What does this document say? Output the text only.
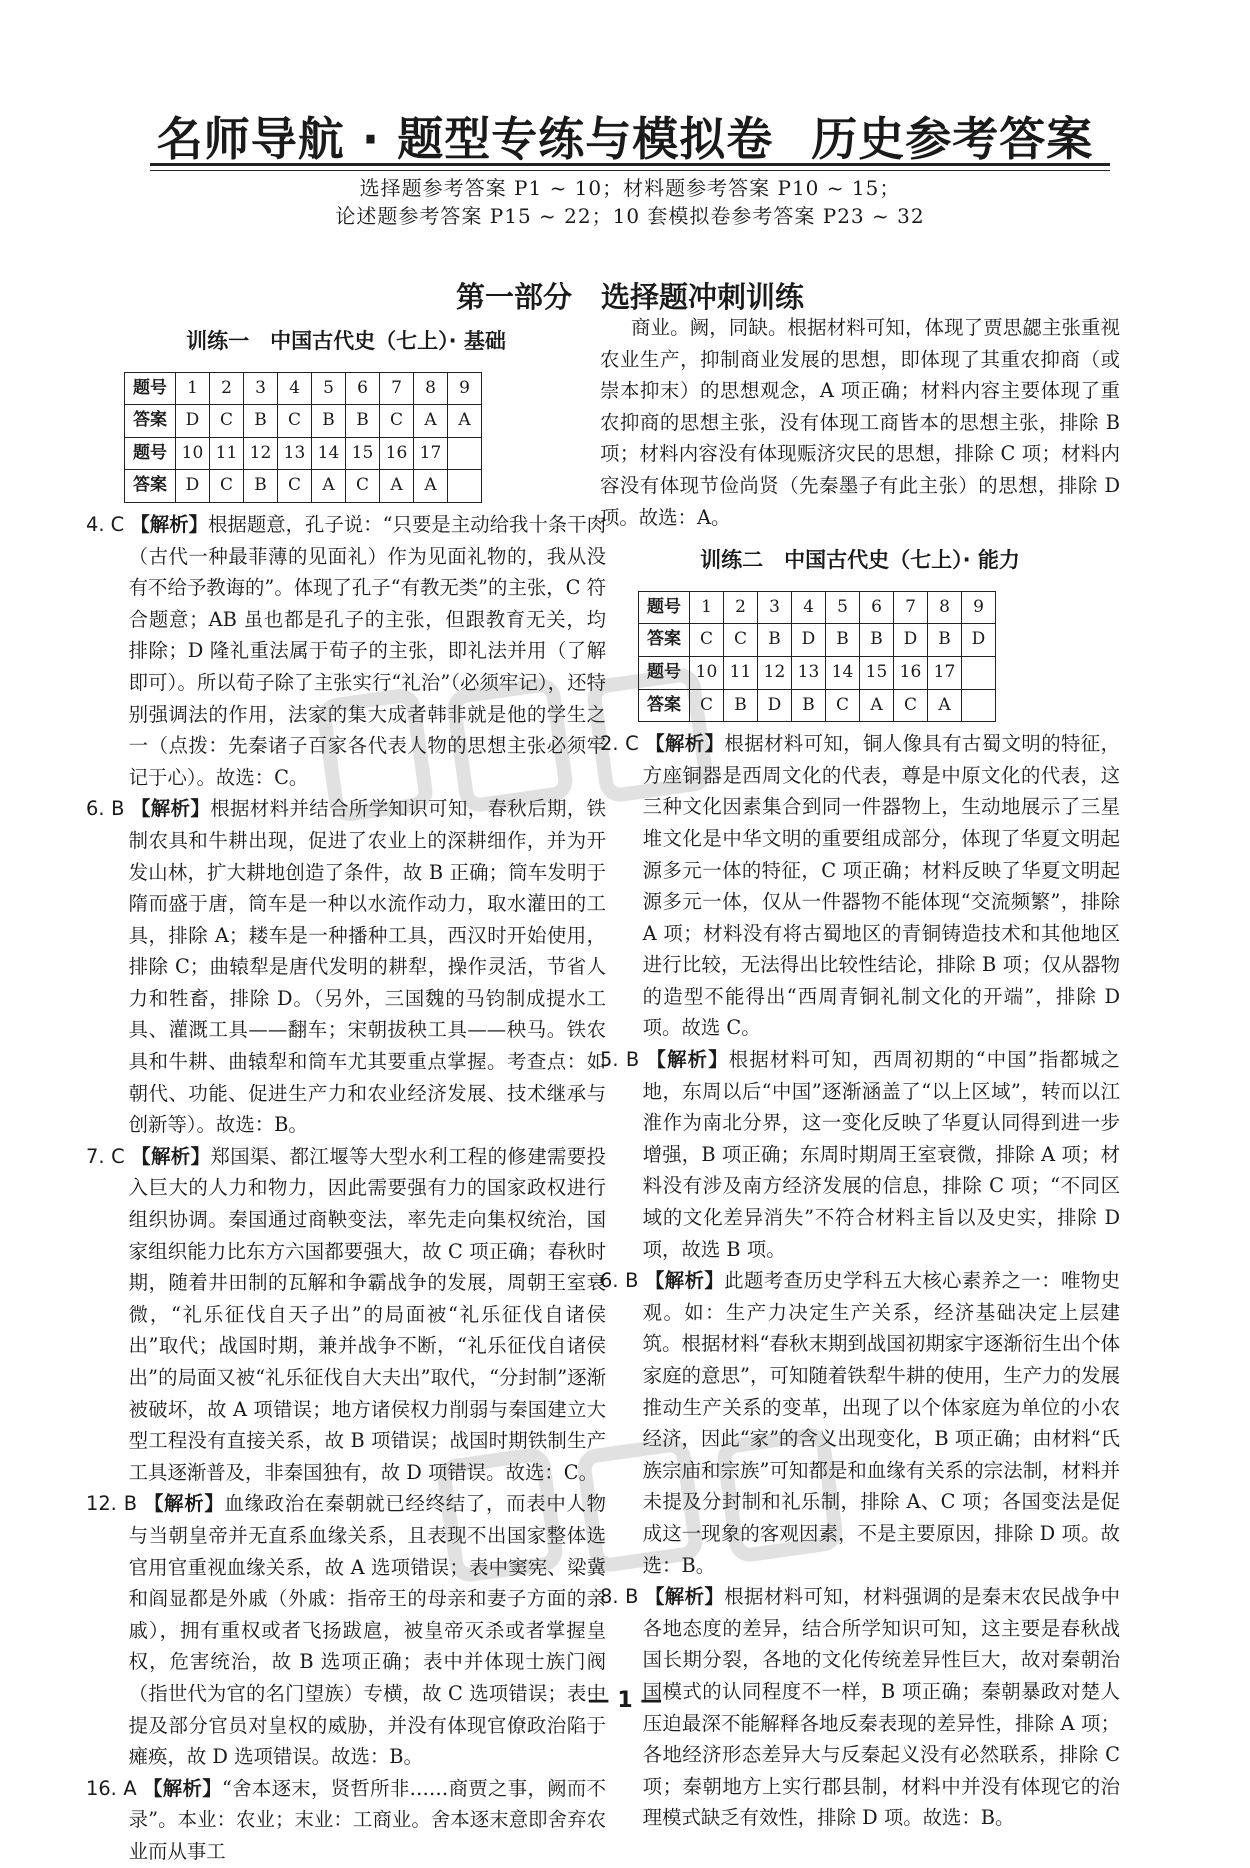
名师导航 · 题型专练与模拟卷 历史参考答案
选择题参考答案 P1 ~ 10；材料题参考答案 P10 ~ 15；
论述题参考答案 P15 ~ 22；10 套模拟卷参考答案 P23 ~ 32
第一部分　选择题冲刺训练
训练一　中国古代史（七上）· 基础
题号	1	2	3	4	5	6	7	8	9
答案	D	C	B	C	B	B	C	A	A
题号	10	11	12	13	14	15	16	17	
答案	D	C	B	C	A	C	A	A	

4. C 【解析】根据题意，孔子说：“只要是主动给我十条干肉（古代一种最菲薄的见面礼）作为见面礼物的，我从没有不给予教诲的”。体现了孔子“有教无类”的主张，C 符合题意；AB 虽也都是孔子的主张，但跟教育无关，均排除；D 隆礼重法属于荀子的主张，即礼法并用（了解即可）。所以荀子除了主张实行“礼治”（必须牢记），还特别强调法的作用，法家的集大成者韩非就是他的学生之一（点拨：先秦诸子百家各代表人物的思想主张必须牢记于心）。故选：C。

6. B 【解析】根据材料并结合所学知识可知，春秋后期，铁制农具和牛耕出现，促进了农业上的深耕细作，并为开发山林，扩大耕地创造了条件，故 B 正确；筒车发明于隋而盛于唐，筒车是一种以水流作动力，取水灌田的工具，排除 A；耧车是一种播种工具，西汉时开始使用，排除 C；曲辕犁是唐代发明的耕犁，操作灵活，节省人力和牲畜，排除 D。（另外，三国魏的马钧制成提水工具、灌溉工具——翻车；宋朝拔秧工具——秧马。铁农具和牛耕、曲辕犁和筒车尤其要重点掌握。考查点：如朝代、功能、促进生产力和农业经济发展、技术继承与创新等）。故选：B。

7. C 【解析】郑国渠、都江堰等大型水利工程的修建需要投入巨大的人力和物力，因此需要强有力的国家政权进行组织协调。秦国通过商鞅变法，率先走向集权统治，国家组织能力比东方六国都要强大，故 C 项正确；春秋时期，随着井田制的瓦解和争霸战争的发展，周朝王室衰微，“礼乐征伐自天子出”的局面被“礼乐征伐自诸侯出”取代；战国时期，兼并战争不断，“礼乐征伐自诸侯出”的局面又被“礼乐征伐自大夫出”取代，“分封制”逐渐被破坏，故 A 项错误；地方诸侯权力削弱与秦国建立大型工程没有直接关系，故 B 项错误；战国时期铁制生产工具逐渐普及，非秦国独有，故 D 项错误。故选：C。

12. B 【解析】血缘政治在秦朝就已经终结了，而表中人物与当朝皇帝并无直系血缘关系，且表现不出国家整体选官用官重视血缘关系，故 A 选项错误；表中窦宪、梁冀和阎显都是外戚（外戚：指帝王的母亲和妻子方面的亲戚），拥有重权或者飞扬跋扈，被皇帝灭杀或者掌握皇权，危害统治，故 B 选项正确；表中并体现士族门阀（指世代为官的名门望族）专横，故 C 选项错误；表中提及部分官员对皇权的威胁，并没有体现官僚政治陷于瘫痪，故 D 选项错误。故选：B。

16. A 【解析】“舍本逐末，贤哲所非……商贾之事，阙而不录”。本业：农业；末业：工商业。舍本逐末意即舍弃农业而从事工

商业。阙，同缺。根据材料可知，体现了贾思勰主张重视农业生产，抑制商业发展的思想，即体现了其重农抑商（或崇本抑末）的思想观念，A 项正确；材料内容主要体现了重农抑商的思想主张，没有体现工商皆本的思想主张，排除 B 项；材料内容没有体现赈济灾民的思想，排除 C 项；材料内容没有体现节俭尚贤（先秦墨子有此主张）的思想，排除 D 项。故选：A。

训练二　中国古代史（七上）· 能力
题号	1	2	3	4	5	6	7	8	9
答案	C	C	B	D	B	B	D	B	D
题号	10	11	12	13	14	15	16	17	
答案	C	B	D	B	C	A	C	A	

2. C 【解析】根据材料可知，铜人像具有古蜀文明的特征，方座铜器是西周文化的代表，尊是中原文化的代表，这三种文化因素集合到同一件器物上，生动地展示了三星堆文化是中华文明的重要组成部分，体现了华夏文明起源多元一体的特征，C 项正确；材料反映了华夏文明起源多元一体，仅从一件器物不能体现“交流频繁”，排除 A 项；材料没有将古蜀地区的青铜铸造技术和其他地区进行比较，无法得出比较性结论，排除 B 项；仅从器物的造型不能得出“西周青铜礼制文化的开端”，排除 D 项。故选 C。

5. B 【解析】根据材料可知，西周初期的“中国”指都城之地，东周以后“中国”逐渐涵盖了“以上区域”，转而以江淮作为南北分界，这一变化反映了华夏认同得到进一步增强，B 项正确；东周时期周王室衰微，排除 A 项；材料没有涉及南方经济发展的信息，排除 C 项；“不同区域的文化差异消失”不符合材料主旨以及史实，排除 D 项，故选 B 项。

6. B 【解析】此题考查历史学科五大核心素养之一：唯物史观。如：生产力决定生产关系，经济基础决定上层建筑。根据材料“春秋末期到战国初期家宇逐渐衍生出个体家庭的意思”，可知随着铁犁牛耕的使用，生产力的发展推动生产关系的变革，出现了以个体家庭为单位的小农经济，因此“家”的含义出现变化，B 项正确；由材料“氏族宗庙和宗族”可知都是和血缘有关系的宗法制，材料并未提及分封制和礼乐制，排除 A、C 项；各国变法是促成这一现象的客观因素，不是主要原因，排除 D 项。故选：B。

8. B 【解析】根据材料可知，材料强调的是秦末农民战争中各地态度的差异，结合所学知识可知，这主要是春秋战国长期分裂，各地的文化传统差异性巨大，故对秦朝治国模式的认同程度不一样，B 项正确；秦朝暴政对楚人压迫最深不能解释各地反秦表现的差异性，排除 A 项；各地经济形态差异大与反秦起义没有必然联系，排除 C 项；秦朝地方上实行郡县制，材料中并没有体现它的治理模式缺乏有效性，排除 D 项。故选：B。

— 1 —
